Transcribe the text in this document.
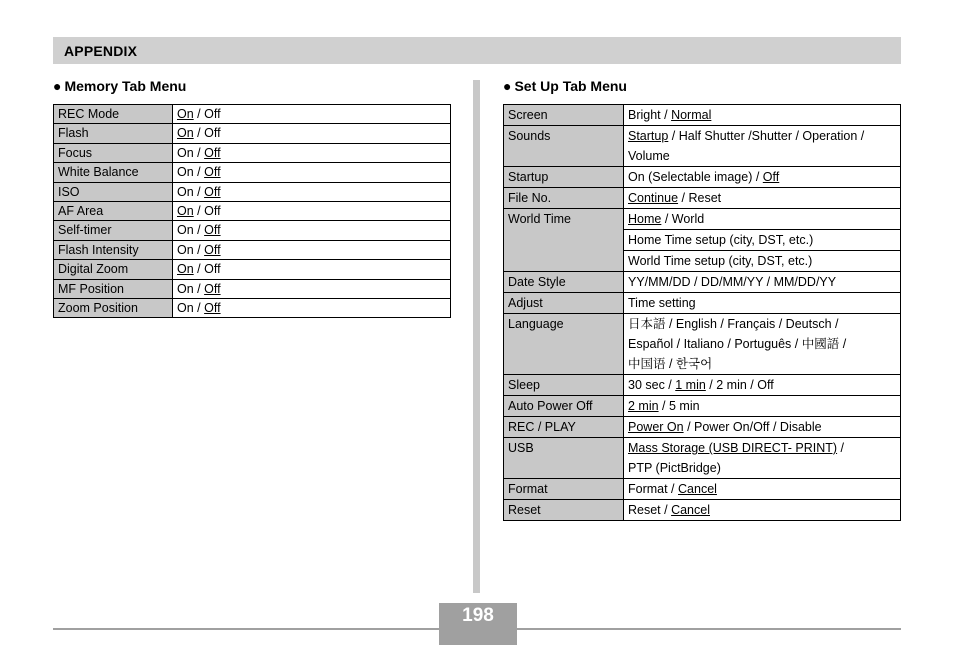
APPENDIX
● Memory Tab Menu	● Set Up Tab Menu
REC Mode	On / Off
Flash	On / Off
Focus	On / Off
White Balance	On / Off
ISO	On / Off
AF Area	On / Off
Self-timer	On / Off
Flash Intensity	On / Off
Digital Zoom	On / Off
MF Position	On / Off
Zoom Position	On / Off
Screen	Bright / Normal

Sounds	Startup / Half Shutter /Shutter / Operation /
Volume

Startup	On (Selectable image) / Off

File No.	Continue / Reset

World Time	Home / World
Home Time setup (city, DST, etc.)
World Time setup (city, DST, etc.)

Date Style	YY/MM/DD / DD/MM/YY / MM/DD/YY

Adjust	Time setting

Language	日本語 / English / Français / Deutsch /
Español / Italiano / Português / 中國語 /
中国语 / 한국어

Sleep	30 sec / 1 min / 2 min / Off

Auto Power Off	2 min / 5 min

REC / PLAY	Power On / Power On/Off / Disable

USB	Mass Storage (USB DIRECT- PRINT) /
PTP (PictBridge)

Format	Format / Cancel

Reset	Reset / Cancel
198
